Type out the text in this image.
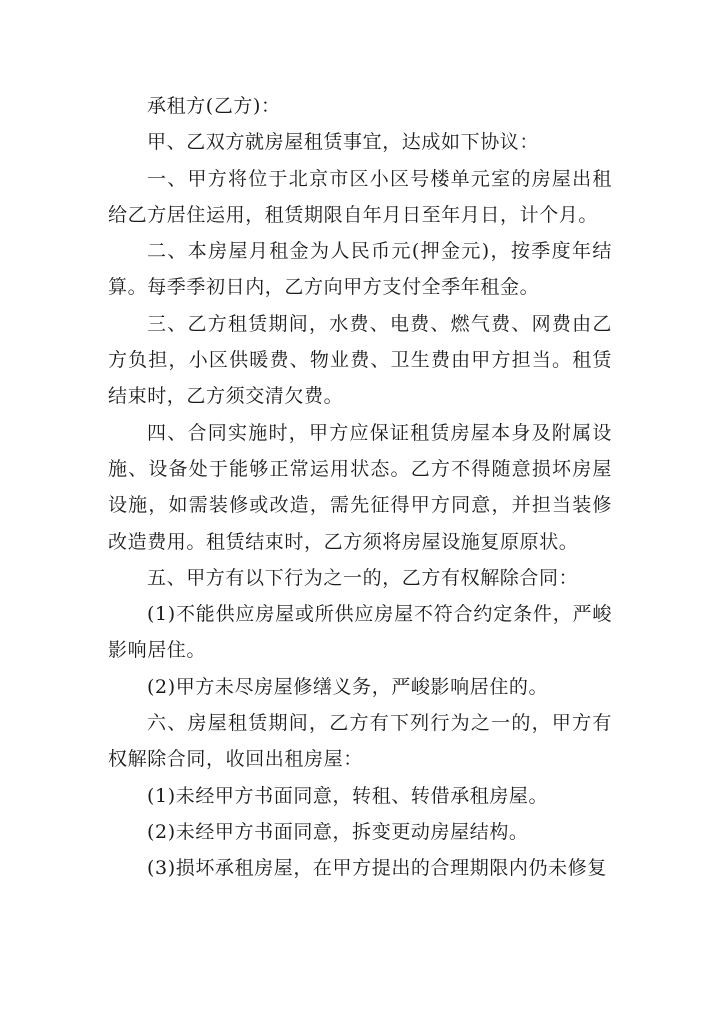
承租方(乙方)：

甲、乙双方就房屋租赁事宜，达成如下协议：

一、甲方将位于北京市区小区号楼单元室的房屋出租给乙方居住运用，租赁期限自年月日至年月日，计个月。

二、本房屋月租金为人民币元(押金元)，按季度年结算。每季季初日内，乙方向甲方支付全季年租金。

三、乙方租赁期间，水费、电费、燃气费、网费由乙方负担，小区供暖费、物业费、卫生费由甲方担当。租赁结束时，乙方须交清欠费。

四、合同实施时，甲方应保证租赁房屋本身及附属设施、设备处于能够正常运用状态。乙方不得随意损坏房屋设施，如需装修或改造，需先征得甲方同意，并担当装修改造费用。租赁结束时，乙方须将房屋设施复原原状。

五、甲方有以下行为之一的，乙方有权解除合同：

(1)不能供应房屋或所供应房屋不符合约定条件，严峻影响居住。

(2)甲方未尽房屋修缮义务，严峻影响居住的。

六、房屋租赁期间，乙方有下列行为之一的，甲方有权解除合同，收回出租房屋：

(1)未经甲方书面同意，转租、转借承租房屋。

(2)未经甲方书面同意，拆变更动房屋结构。

(3)损坏承租房屋，在甲方提出的合理期限内仍未修复
